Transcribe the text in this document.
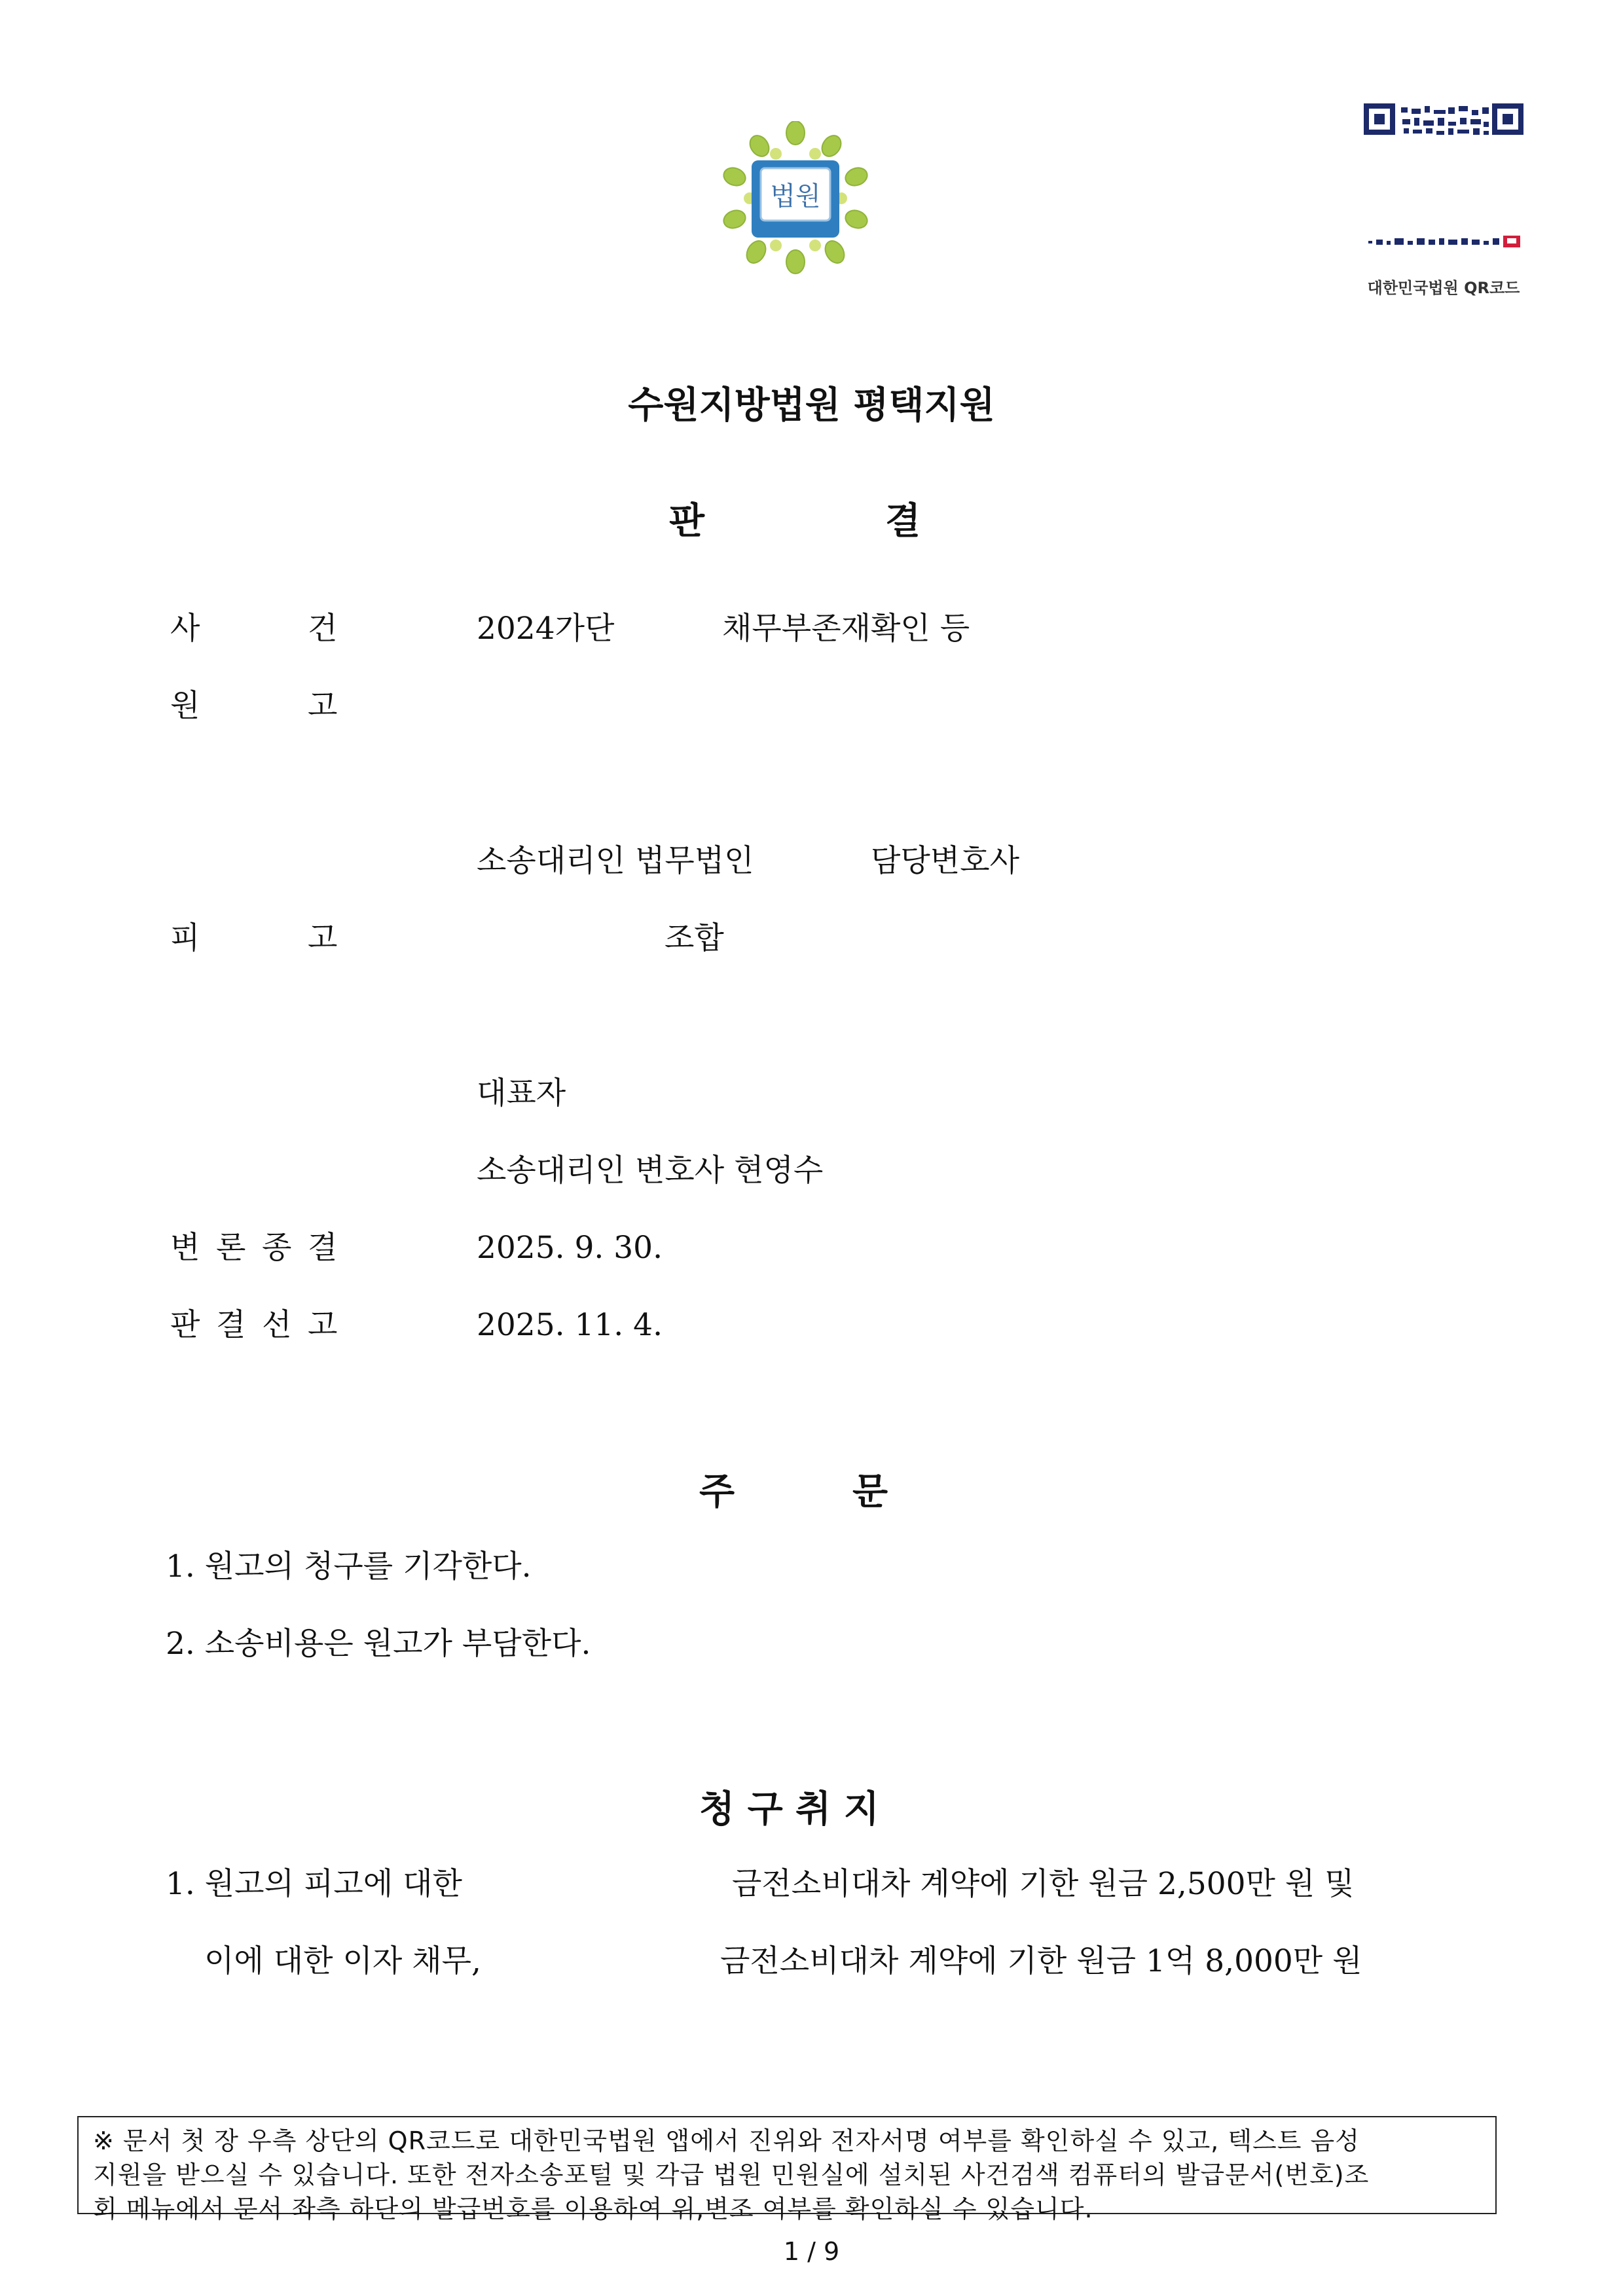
법원
대한민국법원 QR코드
수원지방법원 평택지원
판	결
사	건	2024가단	채무부존재확인 등
원	고
소송대리인 법무법인	담당변호사
피	고	조합
대표자
소송대리인 변호사 현영수
변 론 종 결	2025. 9. 30.
판 결 선 고	2025. 11. 4.
주	문
1. 원고의 청구를 기각한다.
2. 소송비용은 원고가 부담한다.
청 구 취 지
1. 원고의 피고에 대한	금전소비대차 계약에 기한 원금 2,500만 원 및
이에 대한 이자 채무,	금전소비대차 계약에 기한 원금 1억 8,000만 원
※ 문서 첫 장 우측 상단의 QR코드로 대한민국법원 앱에서 진위와 전자서명 여부를 확인하실 수 있고, 텍스트 음성
지원을 받으실 수 있습니다. 또한 전자소송포털 및 각급 법원 민원실에 설치된 사건검색 컴퓨터의 발급문서(번호)조
회 메뉴에서 문서 좌측 하단의 발급번호를 이용하여 위,변조 여부를 확인하실 수 있습니다.
1 / 9
